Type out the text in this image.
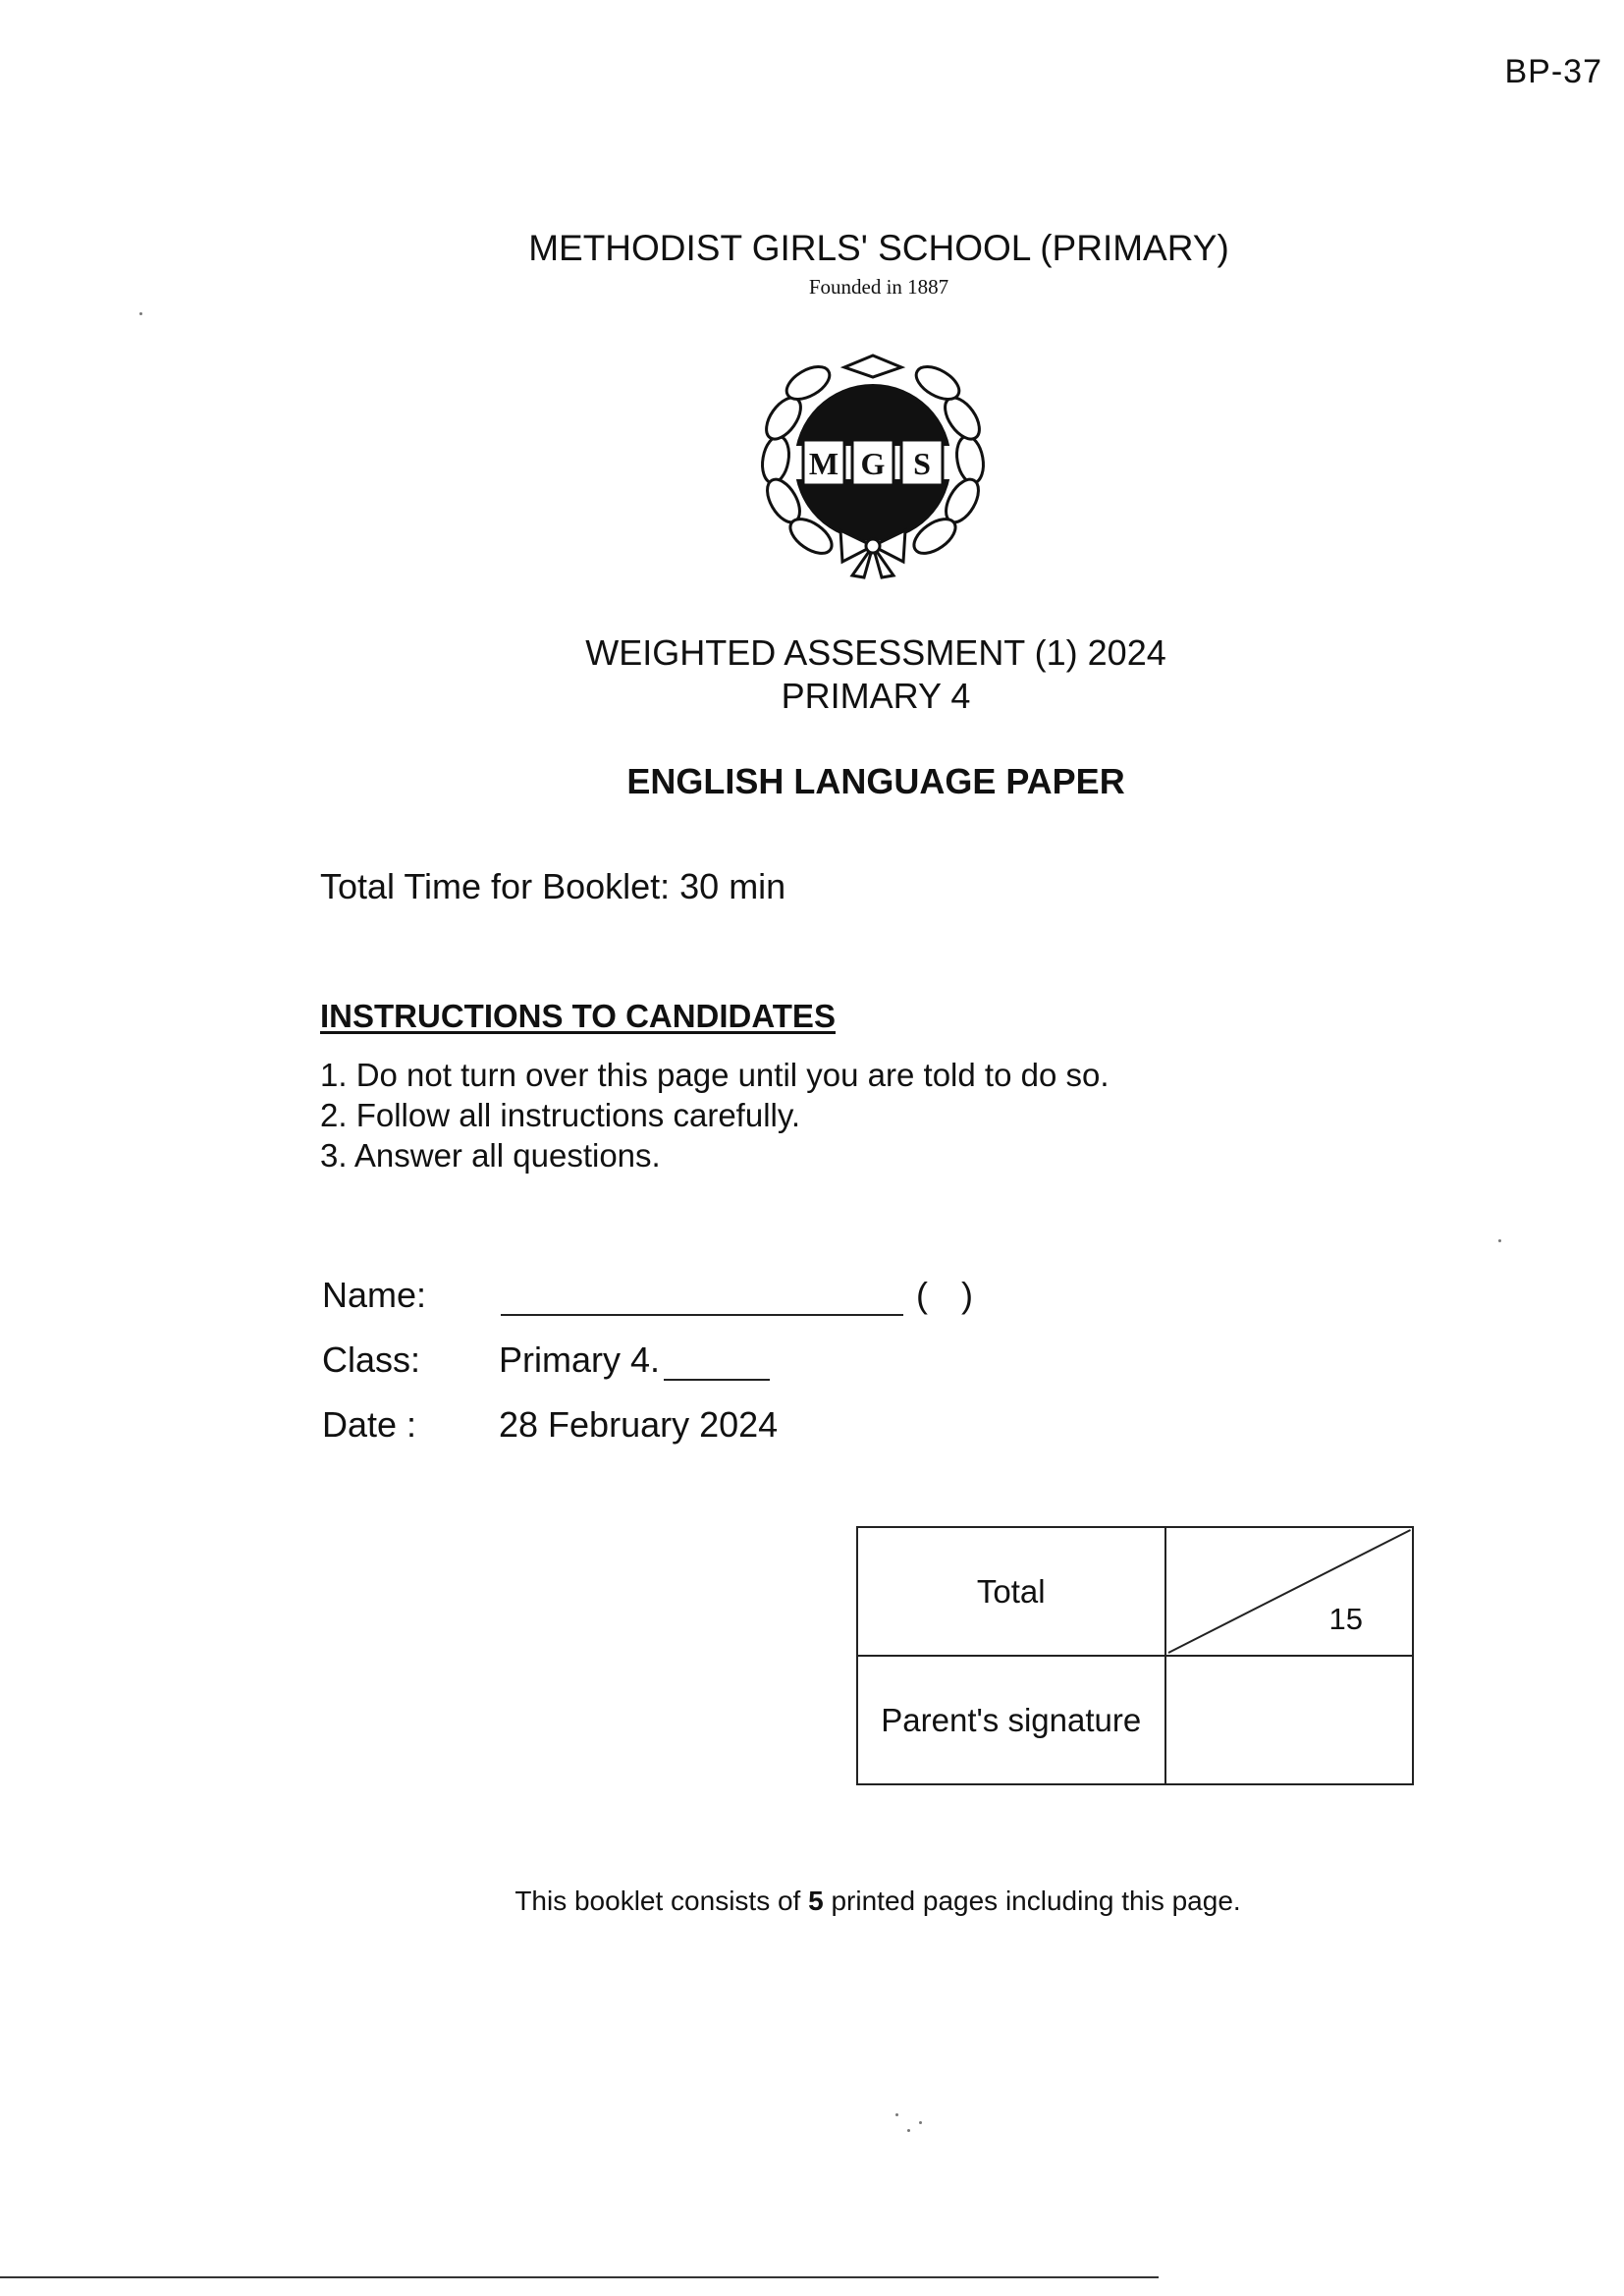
BP-37
METHODIST GIRLS' SCHOOL (PRIMARY)
Founded in 1887
M G S
WEIGHTED ASSESSMENT (1) 2024
PRIMARY 4
ENGLISH LANGUAGE PAPER
Total Time for Booklet: 30 min
INSTRUCTIONS TO CANDIDATES
1. Do not turn over this page until you are told to do so.
2. Follow all instructions carefully.
3. Answer all questions.
Name:	( )
Class: Primary 4.
Date : 28 February 2024
Total	15

Parent's signature	
This booklet consists of 5 printed pages including this page.
